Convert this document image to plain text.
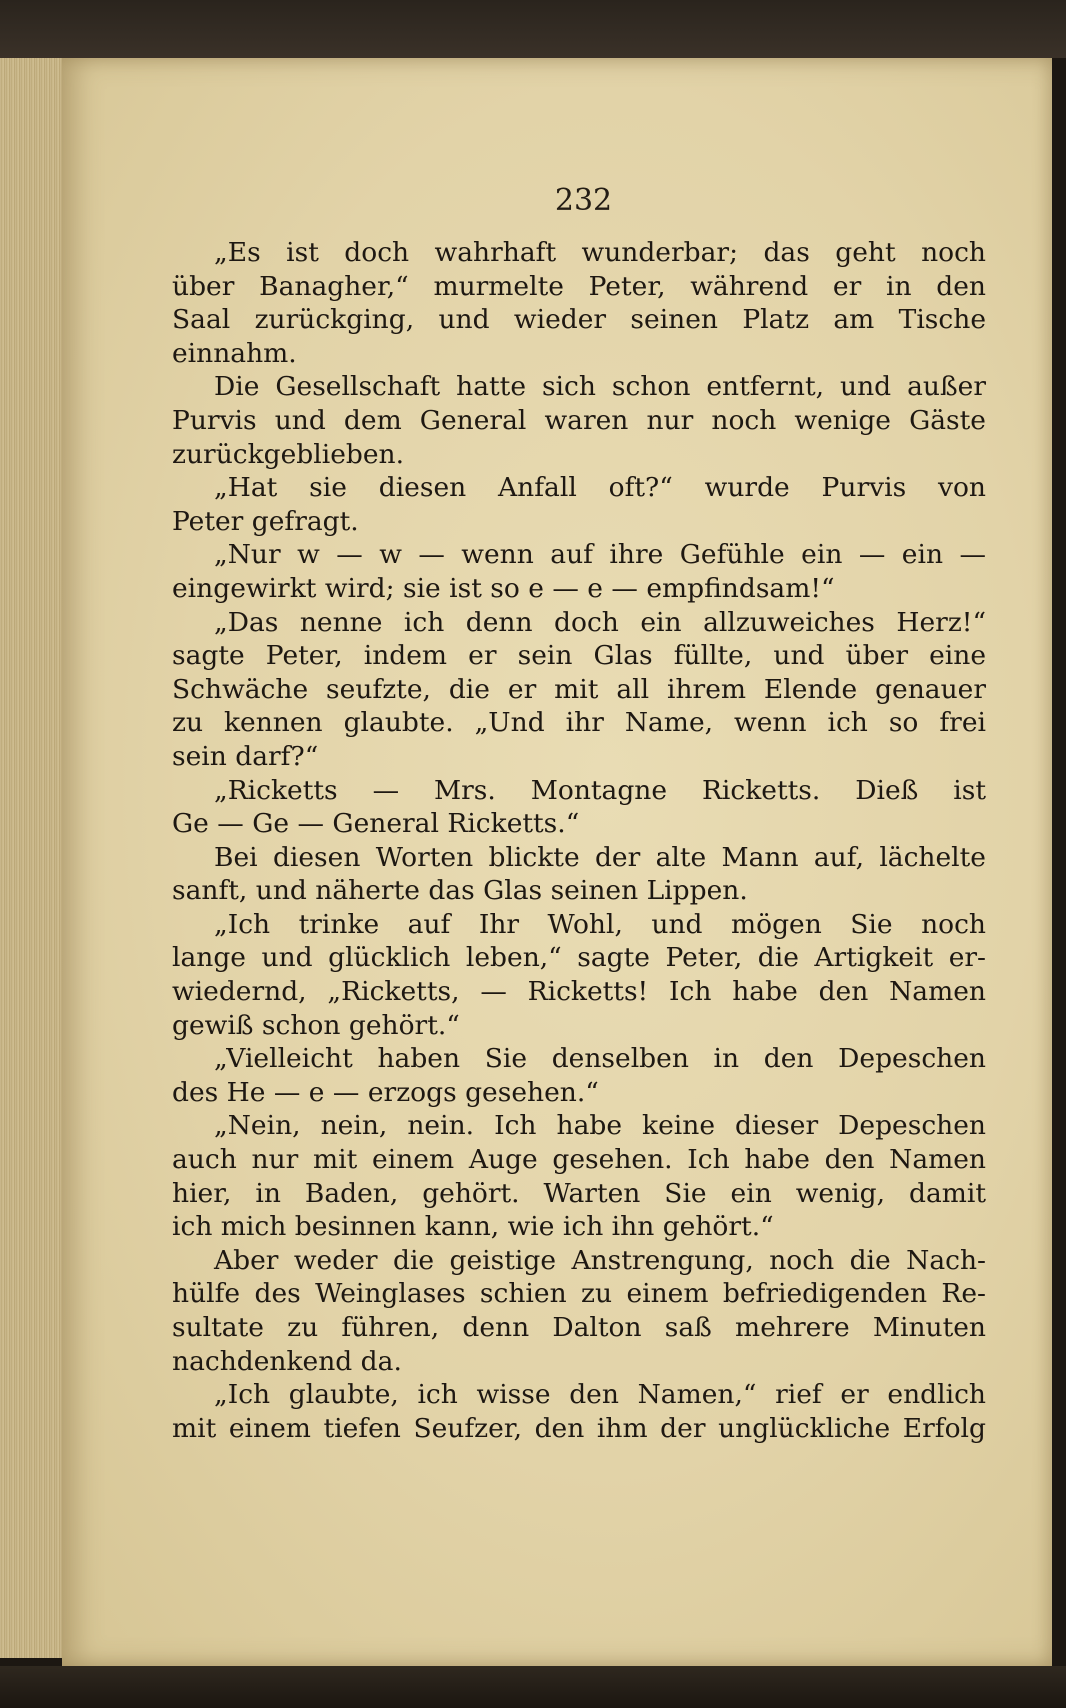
232
„Es ist doch wahrhaft wunderbar; das geht noch
über Banagher,“ murmelte Peter, während er in den
Saal zurückging, und wieder seinen Platz am Tische
einnahm.
Die Gesellschaft hatte sich schon entfernt, und außer
Purvis und dem General waren nur noch wenige Gäste
zurückgeblieben.
„Hat sie diesen Anfall oft?“ wurde Purvis von
Peter gefragt.
„Nur w — w — wenn auf ihre Gefühle ein — ein —
eingewirkt wird; sie ist so e — e — empfindsam!“
„Das nenne ich denn doch ein allzuweiches Herz!“
sagte Peter, indem er sein Glas füllte, und über eine
Schwäche seufzte, die er mit all ihrem Elende genauer
zu kennen glaubte. „Und ihr Name, wenn ich so frei
sein darf?“
„Ricketts — Mrs. Montagne Ricketts. Dieß ist
Ge — Ge — General Ricketts.“
Bei diesen Worten blickte der alte Mann auf, lächelte
sanft, und näherte das Glas seinen Lippen.
„Ich trinke auf Ihr Wohl, und mögen Sie noch
lange und glücklich leben,“ sagte Peter, die Artigkeit er-
wiedernd, „Ricketts, — Ricketts! Ich habe den Namen
gewiß schon gehört.“
„Vielleicht haben Sie denselben in den Depeschen
des He — e — erzogs gesehen.“
„Nein, nein, nein. Ich habe keine dieser Depeschen
auch nur mit einem Auge gesehen. Ich habe den Namen
hier, in Baden, gehört. Warten Sie ein wenig, damit
ich mich besinnen kann, wie ich ihn gehört.“
Aber weder die geistige Anstrengung, noch die Nach-
hülfe des Weinglases schien zu einem befriedigenden Re-
sultate zu führen, denn Dalton saß mehrere Minuten
nachdenkend da.
„Ich glaubte, ich wisse den Namen,“ rief er endlich
mit einem tiefen Seufzer, den ihm der unglückliche Erfolg
